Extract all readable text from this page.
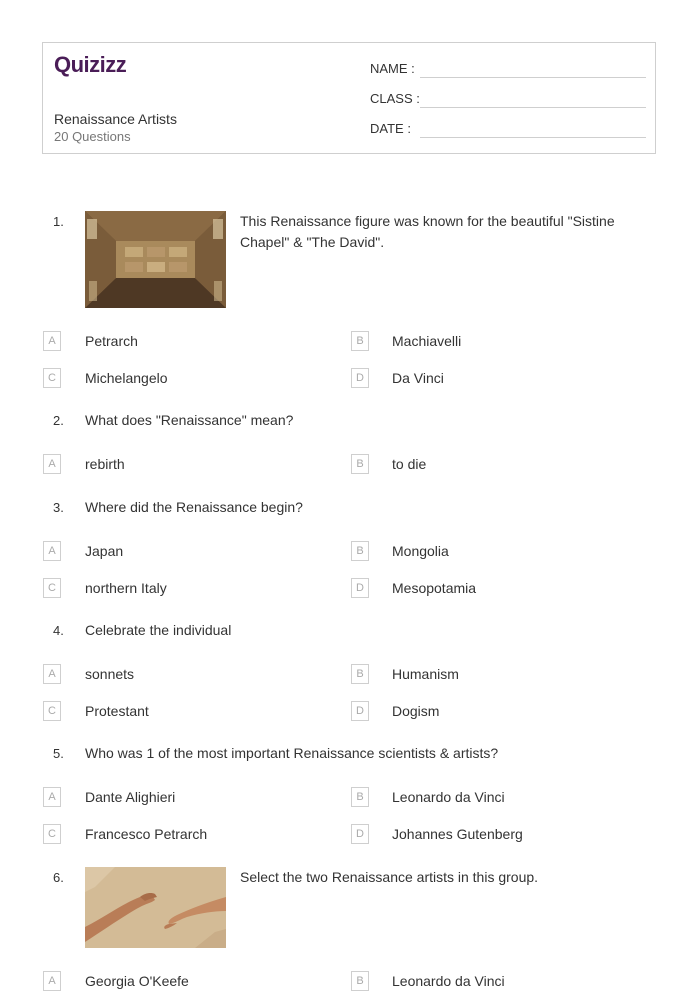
Quizizz
Renaissance Artists
20 Questions
NAME :
CLASS :
DATE :
1.	This Renaissance figure was known for the beautiful "Sistine Chapel" & "The David".
A	Petrarch	B	Machiavelli
C	Michelangelo	D	Da Vinci
2. What does "Renaissance" mean?
A	rebirth	B	to die
3. Where did the Renaissance begin?
A	Japan	B	Mongolia
C	northern Italy	D	Mesopotamia
4. Celebrate the individual
A	sonnets	B	Humanism
C	Protestant	D	Dogism
5. Who was 1 of the most important Renaissance scientists & artists?
A	Dante Alighieri	B	Leonardo da Vinci
C	Francesco Petrarch	D	Johannes Gutenberg
6.	Select the two Renaissance artists in this group.
A	Georgia O'Keefe	B	Leonardo da Vinci
